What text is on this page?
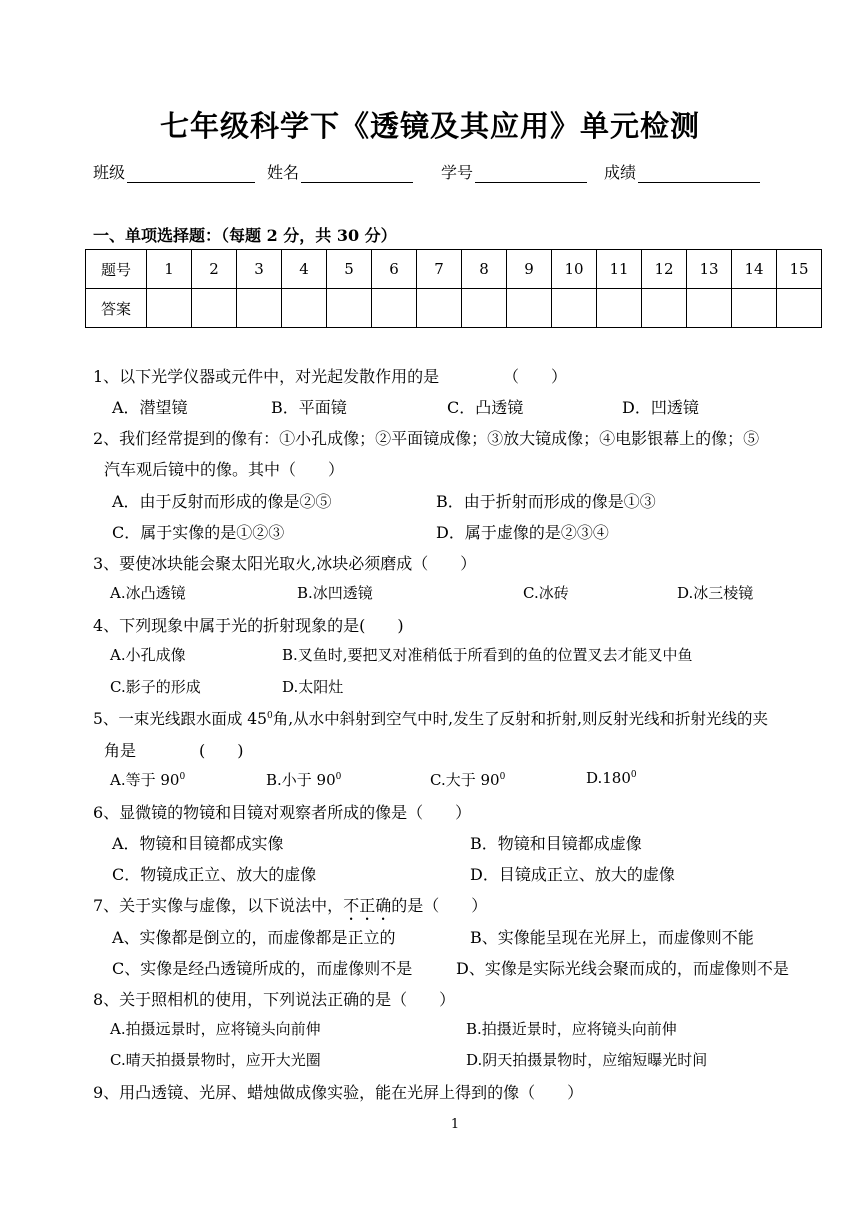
七年级科学下《透镜及其应用》单元检测
班级	姓名	学号	成绩
一、单项选择题：（每题 2 分，共 30 分）
题号	1	2	3	4	5	6	7	8	9	10	11	12	13	14	15
答案															
1、以下光学仪器或元件中，对光起发散作用的是	（　　）
A．潜望镜	B．平面镜	C．凸透镜	D．凹透镜
2、我们经常提到的像有：①小孔成像；②平面镜成像；③放大镜成像；④电影银幕上的像；⑤
汽车观后镜中的像。其中（　　）
A．由于反射而形成的像是②⑤	B．由于折射而形成的像是①③
C．属于实像的是①②③	D．属于虚像的是②③④
3、要使冰块能会聚太阳光取火,冰块必须磨成（　　）
A.冰凸透镜	B.冰凹透镜	C.冰砖	D.冰三棱镜
4、下列现象中属于光的折射现象的是(　　)
A.小孔成像	B.叉鱼时,要把叉对准稍低于所看到的鱼的位置叉去才能叉中鱼
C.影子的形成	D.太阳灶
5、一束光线跟水面成 $45^0$角,从水中斜射到空气中时,发生了反射和折射,则反射光线和折射光线的夹
角是	(　　)
A.等于 $90^0$	B.小于 $90^0$	C.大于 $90^0$	D.180$^0$
6、显微镜的物镜和目镜对观察者所成的像是（　　）
A．物镜和目镜都成实像	B．物镜和目镜都成虚像
C．物镜成正立、放大的虚像	D．目镜成正立、放大的虚像
7、关于实像与虚像，以下说法中，不正确的是（　　）
A、实像都是倒立的，而虚像都是正立的	B、实像能呈现在光屏上，而虚像则不能
C、实像是经凸透镜所成的，而虚像则不是	D、实像是实际光线会聚而成的，而虚像则不是
8、关于照相机的使用，下列说法正确的是（　　）
A.拍摄远景时，应将镜头向前伸	B.拍摄近景时，应将镜头向前伸
C.晴天拍摄景物时，应开大光圈	D.阴天拍摄景物时，应缩短曝光时间
9、用凸透镜、光屏、蜡烛做成像实验，能在光屏上得到的像（　　）
1
